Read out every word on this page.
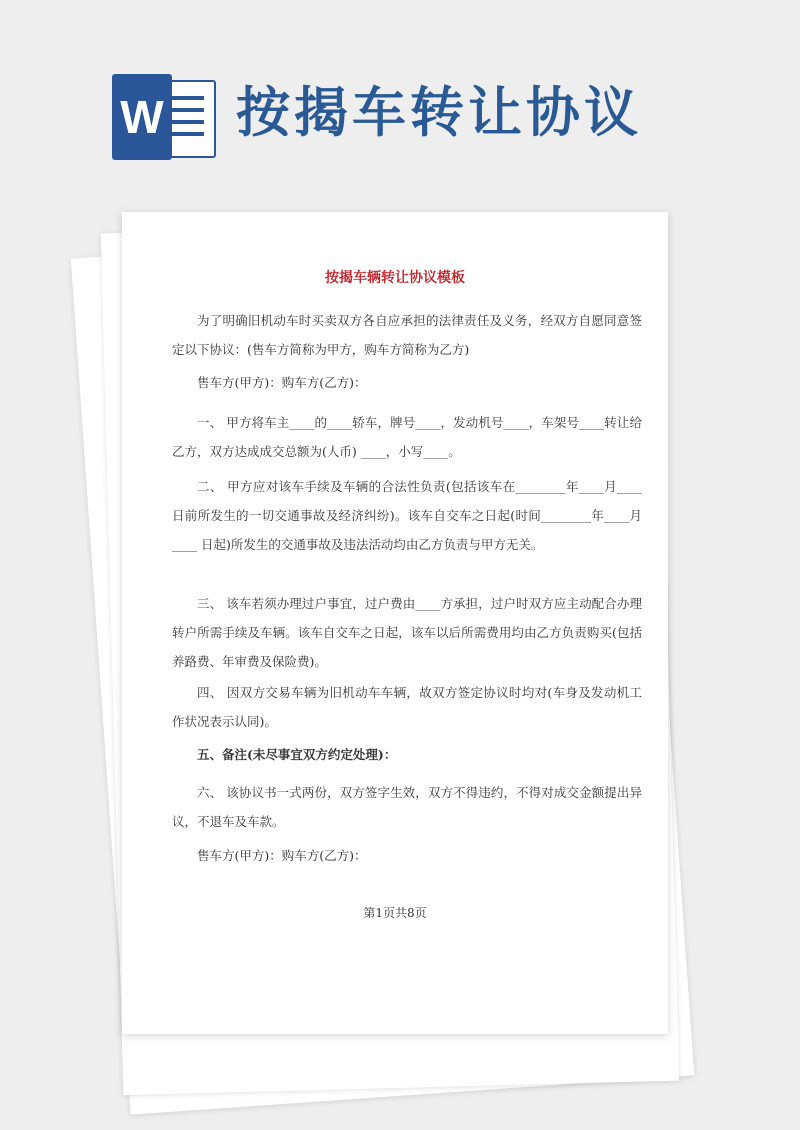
W 按揭车转让协议
按揭车辆转让协议模板

为了明确旧机动车时买卖双方各自应承担的法律责任及义务，经双方自愿同意签定以下协议：(售车方简称为甲方，购车方简称为乙方)

售车方(甲方)：购车方(乙方)：

一、 甲方将车主____的____轿车，牌号____，发动机号____，车架号____转让给乙方，双方达成成交总额为(人币) ____，小写____。

二、 甲方应对该车手续及车辆的合法性负责(包括该车在________年____月____ 日前所发生的一切交通事故及经济纠纷)。该车自交车之日起(时间________年____月____ 日起)所发生的交通事故及违法活动均由乙方负责与甲方无关。

三、 该车若须办理过户事宜，过户费由____方承担，过户时双方应主动配合办理转户所需手续及车辆。该车自交车之日起，该车以后所需费用均由乙方负责购买(包括养路费、年审费及保险费)。

四、 因双方交易车辆为旧机动车车辆，故双方签定协议时均对(车身及发动机工作状况表示认同)。

五、备注(未尽事宜双方约定处理)：

六、 该协议书一式两份，双方签字生效，双方不得违约，不得对成交金额提出异议，不退车及车款。

售车方(甲方)：购车方(乙方)：

第1页共8页
